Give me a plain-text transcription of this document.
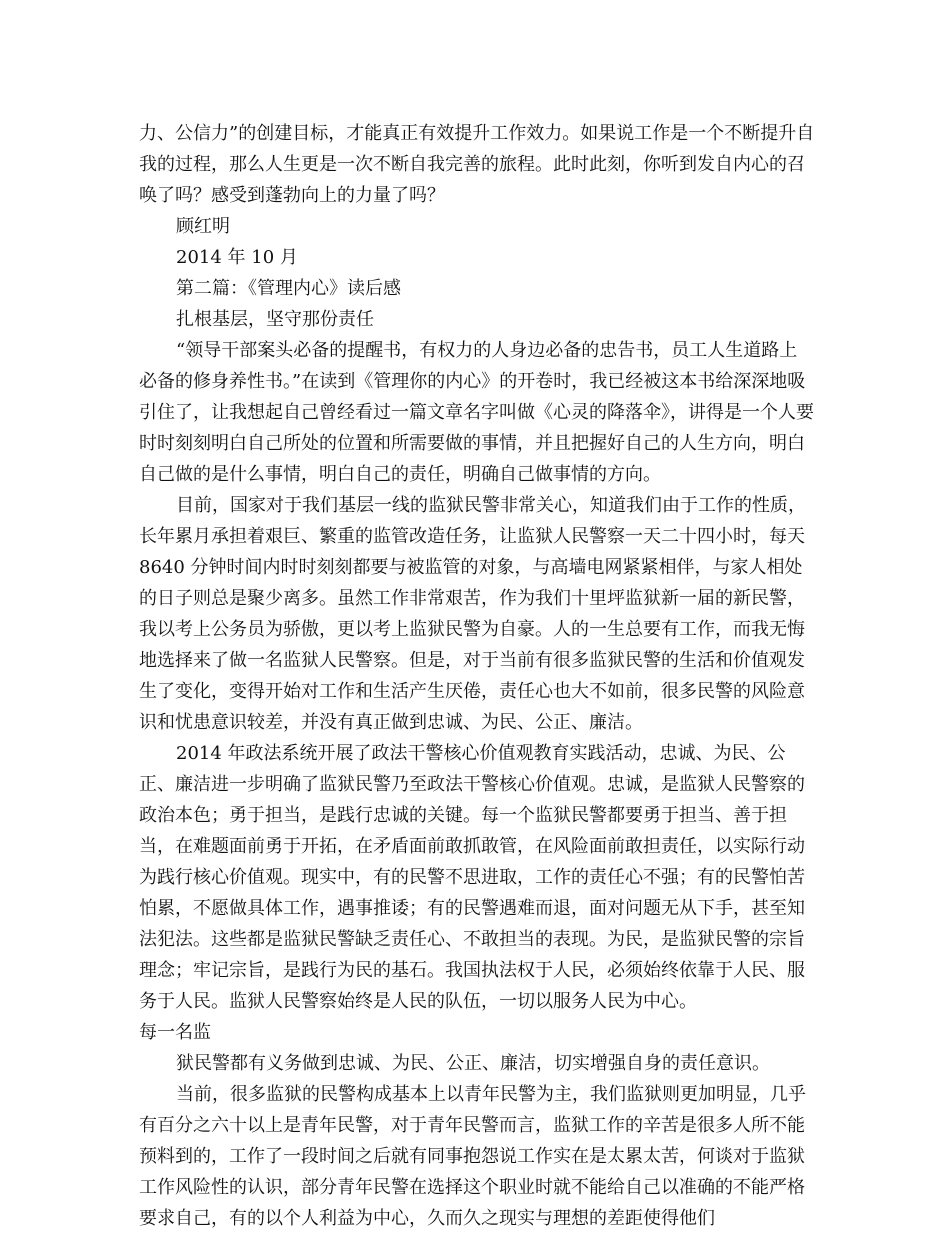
力、公信力”的创建目标，才能真正有效提升工作效力。如果说工作是一个不断提升自我的过程，那么人生更是一次不断自我完善的旅程。此时此刻，你听到发自内心的召唤了吗？感受到蓬勃向上的力量了吗？

顾红明

2014 年 10 月

第二篇：《管理内心》读后感

扎根基层，坚守那份责任

“领导干部案头必备的提醒书，有权力的人身边必备的忠告书，员工人生道路上必备的修身养性书。”在读到《管理你的内心》的开卷时，我已经被这本书给深深地吸引住了，让我想起自己曾经看过一篇文章名字叫做《心灵的降落伞》，讲得是一个人要时时刻刻明白自己所处的位置和所需要做的事情，并且把握好自己的人生方向，明白自己做的是什么事情，明白自己的责任，明确自己做事情的方向。

目前，国家对于我们基层一线的监狱民警非常关心，知道我们由于工作的性质，长年累月承担着艰巨、繁重的监管改造任务，让监狱人民警察一天二十四小时，每天 8640 分钟时间内时时刻刻都要与被监管的对象，与高墙电网紧紧相伴，与家人相处的日子则总是聚少离多。虽然工作非常艰苦，作为我们十里坪监狱新一届的新民警，我以考上公务员为骄傲，更以考上监狱民警为自豪。人的一生总要有工作，而我无悔地选择来了做一名监狱人民警察。但是，对于当前有很多监狱民警的生活和价值观发生了变化，变得开始对工作和生活产生厌倦，责任心也大不如前，很多民警的风险意识和忧患意识较差，并没有真正做到忠诚、为民、公正、廉洁。

2014 年政法系统开展了政法干警核心价值观教育实践活动，忠诚、为民、公正、廉洁进一步明确了监狱民警乃至政法干警核心价值观。忠诚，是监狱人民警察的政治本色；勇于担当，是践行忠诚的关键。每一个监狱民警都要勇于担当、善于担当，在难题面前勇于开拓，在矛盾面前敢抓敢管，在风险面前敢担责任，以实际行动为践行核心价值观。现实中，有的民警不思进取，工作的责任心不强；有的民警怕苦怕累，不愿做具体工作，遇事推诿；有的民警遇难而退，面对问题无从下手，甚至知法犯法。这些都是监狱民警缺乏责任心、不敢担当的表现。为民，是监狱民警的宗旨理念；牢记宗旨，是践行为民的基石。我国执法权于人民，必须始终依靠于人民、服务于人民。监狱人民警察始终是人民的队伍，一切以服务人民为中心。

每一名监

狱民警都有义务做到忠诚、为民、公正、廉洁，切实增强自身的责任意识。

当前，很多监狱的民警构成基本上以青年民警为主，我们监狱则更加明显，几乎有百分之六十以上是青年民警，对于青年民警而言，监狱工作的辛苦是很多人所不能预料到的，工作了一段时间之后就有同事抱怨说工作实在是太累太苦，何谈对于监狱工作风险性的认识，部分青年民警在选择这个职业时就不能给自己以准确的不能严格要求自己，有的以个人利益为中心，久而久之现实与理想的差距使得他们
